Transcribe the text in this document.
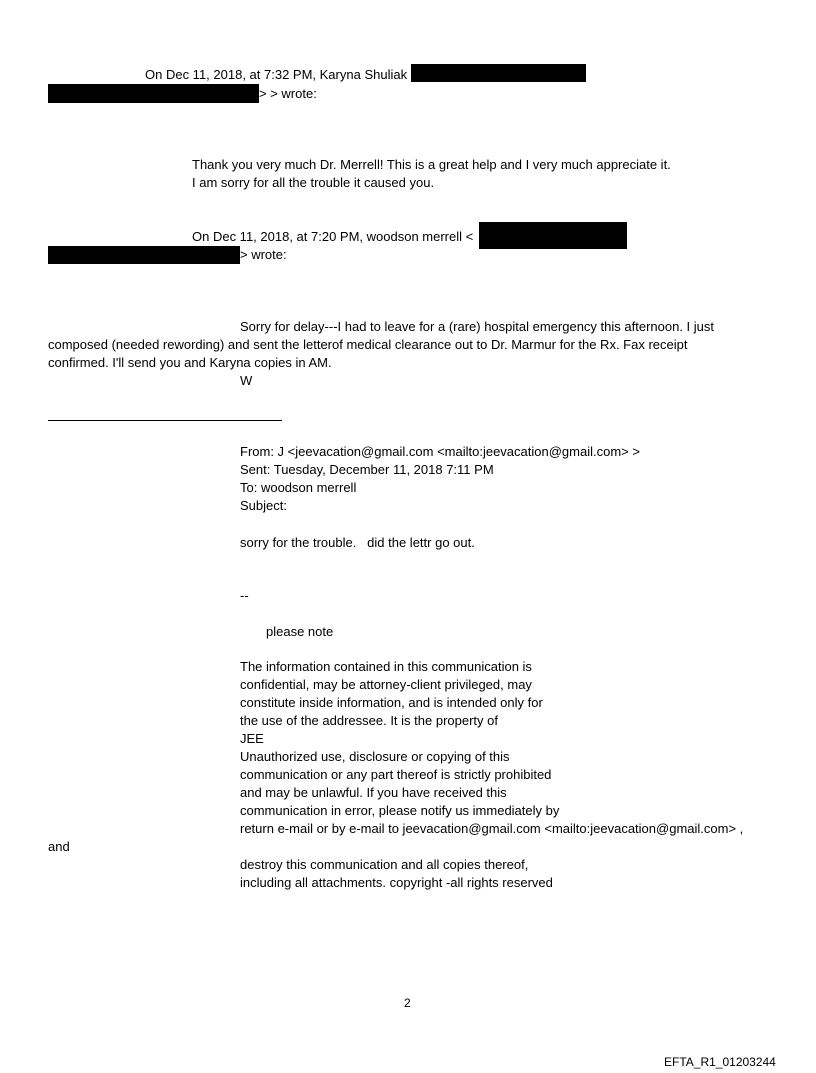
On Dec 11, 2018, at 7:32 PM, Karyna Shuliak
> > wrote:
Thank you very much Dr. Merrell! This is a great help and I very much appreciate it.
I am sorry for all the trouble it caused you.
On Dec 11, 2018, at 7:20 PM, woodson merrell <
> wrote:
Sorry for delay---I had to leave for a (rare) hospital emergency this afternoon. I just
composed (needed rewording) and sent the letterof medical clearance out to Dr. Marmur for the Rx. Fax receipt
confirmed. I'll send you and Karyna copies in AM.
W
From: J <jeevacation@gmail.com <mailto:jeevacation@gmail.com> >
Sent: Tuesday, December 11, 2018 7:11 PM
To: woodson merrell
Subject:
sorry for the trouble.   did the lettr go out.
--
please note
The information contained in this communication is
confidential, may be attorney-client privileged, may
constitute inside information, and is intended only for
the use of the addressee. It is the property of
JEE
Unauthorized use, disclosure or copying of this
communication or any part thereof is strictly prohibited
and may be unlawful. If you have received this
communication in error, please notify us immediately by
return e-mail or by e-mail to jeevacation@gmail.com <mailto:jeevacation@gmail.com> ,
and
destroy this communication and all copies thereof,
including all attachments. copyright -all rights reserved
2
EFTA_R1_01203244
